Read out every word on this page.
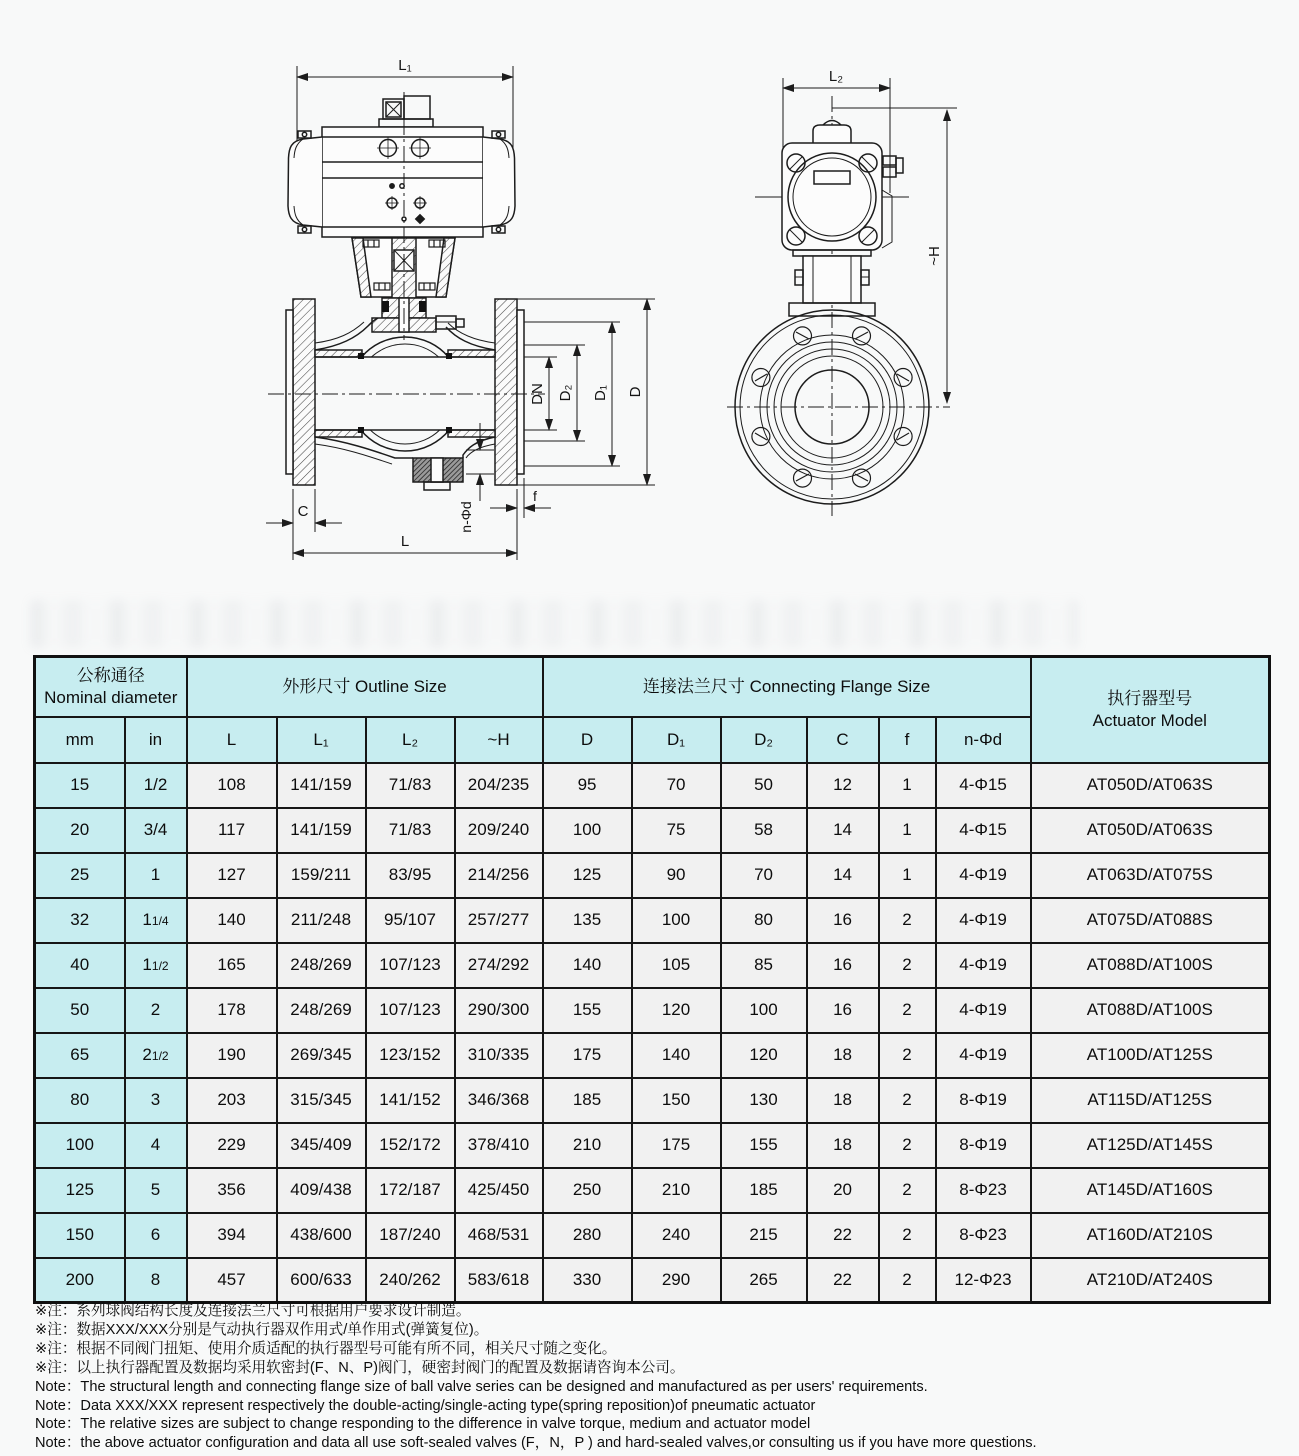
L₁
DN D₂ D₁ D
C
L
f
n-Φd
L₂
~H
公称通径
Nominal diameter
	外形尺寸 Outline Size	连接法兰尺寸 Connecting Flange Size	
执行器型号
Actuator Model

mm	in	L	L₁	L₂	~H	D	D₁	D₂	C	f	n-Φd	
15	1/2	108	141/159	71/83	204/235	95	70	50	12	1	4-Φ15	AT050D/AT063S
20	3/4	117	141/159	71/83	209/240	100	75	58	14	1	4-Φ15	AT050D/AT063S
25	1	127	159/211	83/95	214/256	125	90	70	14	1	4-Φ19	AT063D/AT075S
32	11/4	140	211/248	95/107	257/277	135	100	80	16	2	4-Φ19	AT075D/AT088S
40	11/2	165	248/269	107/123	274/292	140	105	85	16	2	4-Φ19	AT088D/AT100S
50	2	178	248/269	107/123	290/300	155	120	100	16	2	4-Φ19	AT088D/AT100S
65	21/2	190	269/345	123/152	310/335	175	140	120	18	2	4-Φ19	AT100D/AT125S
80	3	203	315/345	141/152	346/368	185	150	130	18	2	8-Φ19	AT115D/AT125S
100	4	229	345/409	152/172	378/410	210	175	155	18	2	8-Φ19	AT125D/AT145S
125	5	356	409/438	172/187	425/450	250	210	185	20	2	8-Φ23	AT145D/AT160S
150	6	394	438/600	187/240	468/531	280	240	215	22	2	8-Φ23	AT160D/AT210S
200	8	457	600/633	240/262	583/618	330	290	265	22	2	12-Φ23	AT210D/AT240S
※注：系列球阀结构长度及连接法兰尺寸可根据用户要求设计制造。
※注：数据XXX/XXX分别是气动执行器双作用式/单作用式(弹簧复位)。
※注：根据不同阀门扭矩、使用介质适配的执行器型号可能有所不同，相关尺寸随之变化。
※注：以上执行器配置及数据均采用软密封(F、N、P)阀门，硬密封阀门的配置及数据请咨询本公司。
Note：The structural length and connecting flange size of ball valve series can be designed and manufactured as per users' requirements.
Note：Data XXX/XXX represent respectively the double-acting/single-acting type(spring reposition)of pneumatic actuator
Note：The relative sizes are subject to change responding to the difference in valve torque, medium and actuator model
Note：the above actuator configuration and data all use soft-sealed valves (F，N，P ) and hard-sealed valves,or consulting us if you have more questions.
